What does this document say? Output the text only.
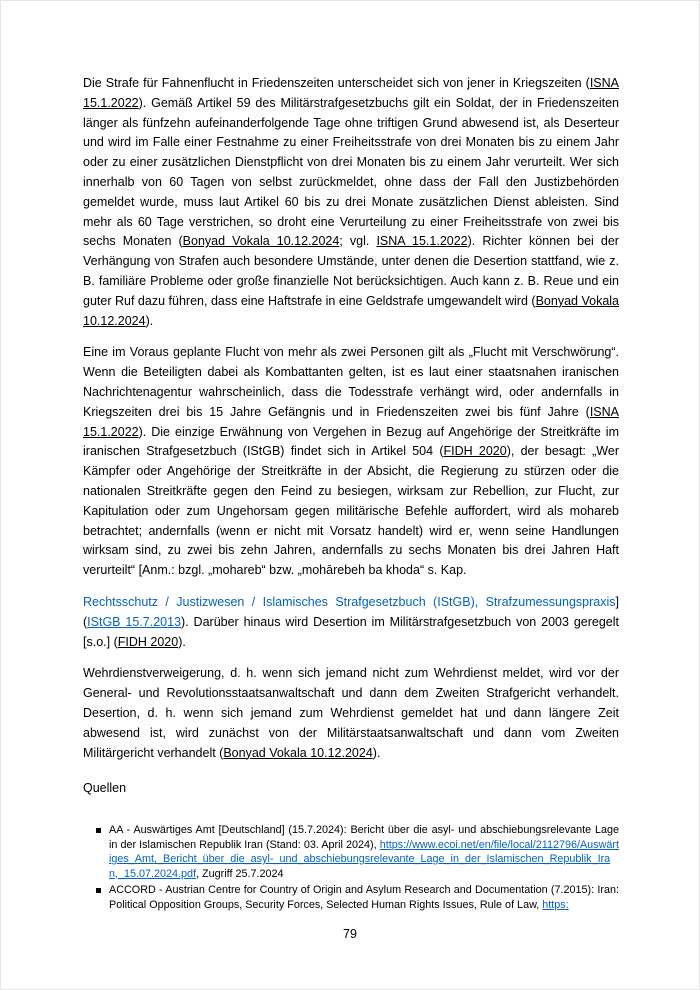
Die Strafe für Fahnenflucht in Friedenszeiten unterscheidet sich von jener in Kriegszeiten (ISNA 15.1.2022). Gemäß Artikel 59 des Militärstrafgesetzbuchs gilt ein Soldat, der in Friedenszeiten länger als fünfzehn aufeinanderfolgende Tage ohne triftigen Grund abwesend ist, als Deserteur und wird im Falle einer Festnahme zu einer Freiheitsstrafe von drei Monaten bis zu einem Jahr oder zu einer zusätzlichen Dienstpflicht von drei Monaten bis zu einem Jahr verurteilt. Wer sich innerhalb von 60 Tagen von selbst zurückmeldet, ohne dass der Fall den Justizbehörden gemeldet wurde, muss laut Artikel 60 bis zu drei Monate zusätzlichen Dienst ableisten. Sind mehr als 60 Tage verstrichen, so droht eine Verurteilung zu einer Freiheitsstrafe von zwei bis sechs Monaten (Bonyad Vokala 10.12.2024; vgl. ISNA 15.1.2022). Richter können bei der Verhängung von Strafen auch besondere Umstände, unter denen die Desertion stattfand, wie z. B. familiäre Probleme oder große finanzielle Not berücksichtigen. Auch kann z. B. Reue und ein guter Ruf dazu führen, dass eine Haftstrafe in eine Geldstrafe umgewandelt wird (Bonyad Vokala 10.12.2024).

Eine im Voraus geplante Flucht von mehr als zwei Personen gilt als „Flucht mit Verschwörung“. Wenn die Beteiligten dabei als Kombattanten gelten, ist es laut einer staatsnahen iranischen Nachrichtenagentur wahrscheinlich, dass die Todesstrafe verhängt wird, oder andernfalls in Kriegszeiten drei bis 15 Jahre Gefängnis und in Friedenszeiten zwei bis fünf Jahre (ISNA 15.1.2022). Die einzige Erwähnung von Vergehen in Bezug auf Angehörige der Streitkräfte im iranischen Strafgesetzbuch (IStGB) findet sich in Artikel 504 (FIDH 2020), der besagt: „Wer Kämpfer oder Angehörige der Streitkräfte in der Absicht, die Regierung zu stürzen oder die nationalen Streitkräfte gegen den Feind zu besiegen, wirksam zur Rebellion, zur Flucht, zur Kapitulation oder zum Ungehorsam gegen militärische Befehle auffordert, wird als mohareb betrachtet; andernfalls (wenn er nicht mit Vorsatz handelt) wird er, wenn seine Handlungen wirksam sind, zu zwei bis zehn Jahren, andernfalls zu sechs Monaten bis drei Jahren Haft verurteilt“ [Anm.: bzgl. „mohareb“ bzw. „mohārebeh ba khoda“ s. Kap.

Rechtsschutz / Justizwesen / Islamisches Strafgesetzbuch (IStGB), Strafzumessungspraxis] (IStGB 15.7.2013). Darüber hinaus wird Desertion im Militärstrafgesetzbuch von 2003 geregelt [s.o.] (FIDH 2020).

Wehrdienstverweigerung, d. h. wenn sich jemand nicht zum Wehrdienst meldet, wird vor der General- und Revolutionsstaatsanwaltschaft und dann dem Zweiten Strafgericht verhandelt. Desertion, d. h. wenn sich jemand zum Wehrdienst gemeldet hat und dann längere Zeit abwesend ist, wird zunächst von der Militärstaatsanwaltschaft und dann vom Zweiten Militärgericht verhandelt (Bonyad Vokala 10.12.2024).

Quellen

AA - Auswärtiges Amt [Deutschland] (15.7.2024): Bericht über die asyl- und abschiebungsrelevante Lage in der Islamischen Republik Iran (Stand: 03. April 2024), https://www.ecoi.net/en/file/local/2112796/Auswärtiges_Amt,_Bericht_über_die_asyl-_und_abschiebungsrelevante_Lage_in_der_Islamischen_Republik_Iran,_15.07.2024.pdf, Zugriff 25.7.2024
ACCORD - Austrian Centre for Country of Origin and Asylum Research and Documentation (7.2015): Iran: Political Opposition Groups, Security Forces, Selected Human Rights Issues, Rule of Law, https:
79
